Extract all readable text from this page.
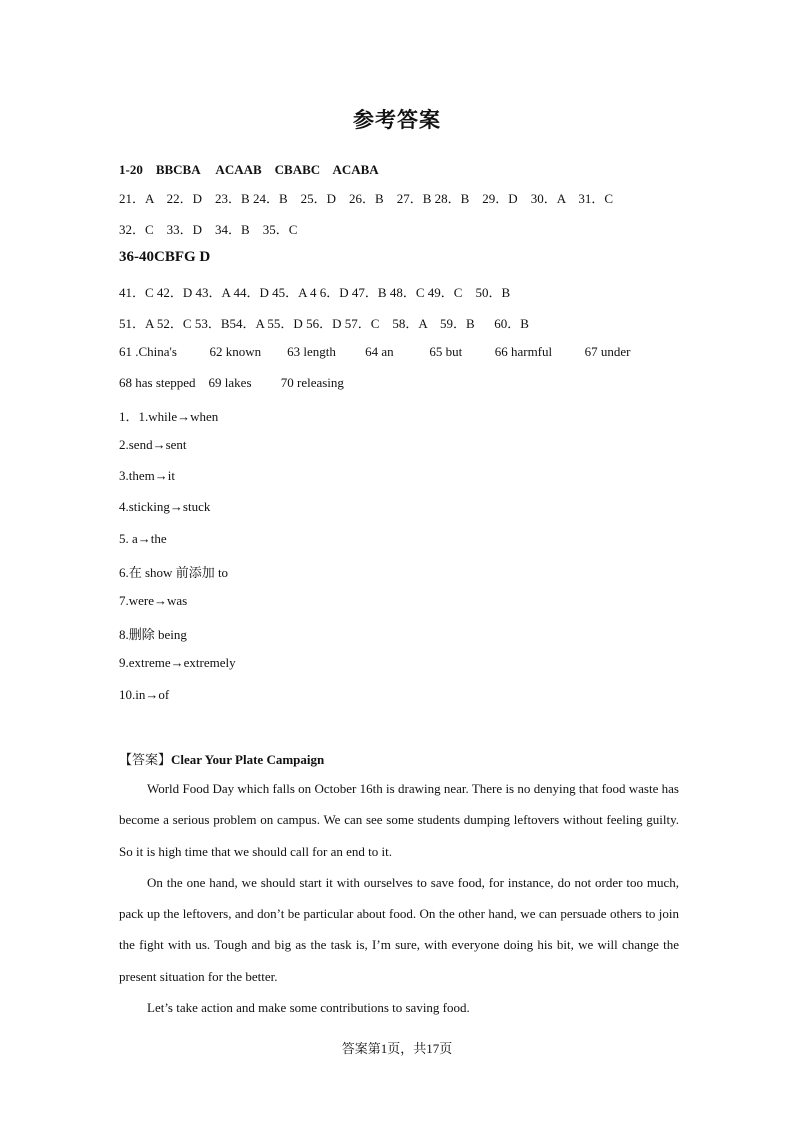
参考答案
1-20    BBCBA     ACAAB    CBABC    ACABA
21．A    22．D    23．B 24．B    25．D    26．B    27．B 28．B    29．D    30．A    31．C
32．C    33．D    34．B    35．C
36-40CBFG D
41．C 42．D 43．A 44．D 45．A 4 6．D 47．B 48．C 49．C    50．B
51．A 52．C 53．B54．A 55．D 56．D 57．C    58．A    59．B      60．B
61 .China's          62 known        63 length         64 an           65 but          66 harmful          67 under
68 has stepped    69 lakes         70 releasing
1．1.while→when
2.send→sent
3.them→it
4.sticking→stuck
5. a→the
6.在 show 前添加 to
7.were→was
8.删除 being
9.extreme→extremely
10.in→of
【答案】Clear Your Plate Campaign

World Food Day which falls on October 16th is drawing near. There is no denying that food waste has become a serious problem on campus. We can see some students dumping leftovers without feeling guilty. So it is high time that we should call for an end to it.

On the one hand, we should start it with ourselves to save food, for instance, do not order too much, pack up the leftovers, and don’t be particular about food. On the other hand, we can persuade others to join the fight with us. Tough and big as the task is, I’m sure, with everyone doing his bit, we will change the present situation for the better.

Let’s take action and make some contributions to saving food.

答案第1页，共17页
